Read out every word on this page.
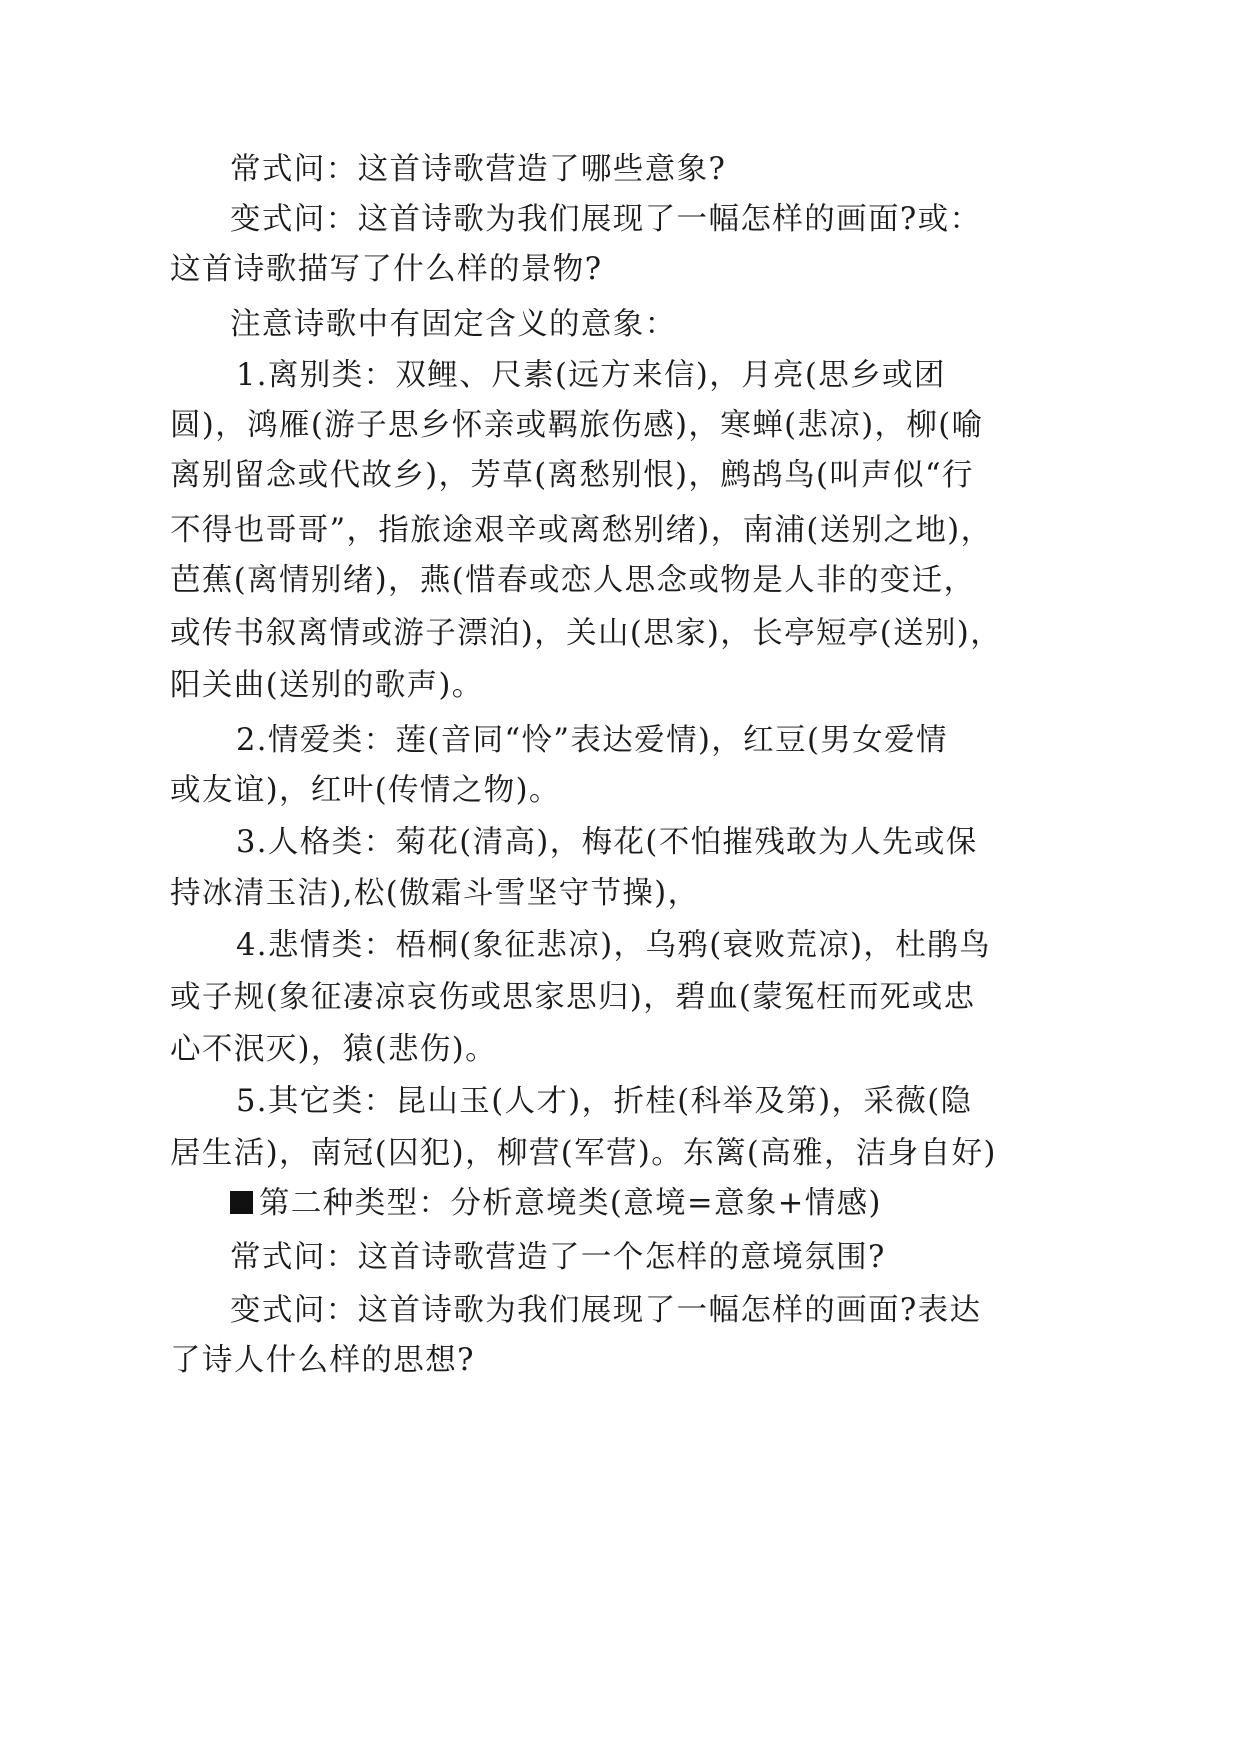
常式问：这首诗歌营造了哪些意象?
变式问：这首诗歌为我们展现了一幅怎样的画面?或：
这首诗歌描写了什么样的景物?
注意诗歌中有固定含义的意象：
1.离别类：双鲤、尺素(远方来信)，月亮(思乡或团
圆)，鸿雁(游子思乡怀亲或羁旅伤感)，寒蝉(悲凉)，柳(喻
离别留念或代故乡)，芳草(离愁别恨)，鹧鸪鸟(叫声似“行
不得也哥哥”，指旅途艰辛或离愁别绪)，南浦(送别之地)，
芭蕉(离情别绪)，燕(惜春或恋人思念或物是人非的变迁，
或传书叙离情或游子漂泊)，关山(思家)，长亭短亭(送别)，
阳关曲(送别的歌声)。
2.情爱类：莲(音同“怜”表达爱情)，红豆(男女爱情
或友谊)，红叶(传情之物)。
3.人格类：菊花(清高)，梅花(不怕摧残敢为人先或保
持冰清玉洁),松(傲霜斗雪坚守节操)，
4.悲情类：梧桐(象征悲凉)，乌鸦(衰败荒凉)，杜鹃鸟
或子规(象征凄凉哀伤或思家思归)，碧血(蒙冤枉而死或忠
心不泯灭)，猿(悲伤)。
5.其它类：昆山玉(人才)，折桂(科举及第)，采薇(隐
居生活)，南冠(囚犯)，柳营(军营)。东篱(高雅，洁身自好)
第二种类型：分析意境类(意境=意象+情感)
常式问：这首诗歌营造了一个怎样的意境氛围?
变式问：这首诗歌为我们展现了一幅怎样的画面?表达
了诗人什么样的思想?
